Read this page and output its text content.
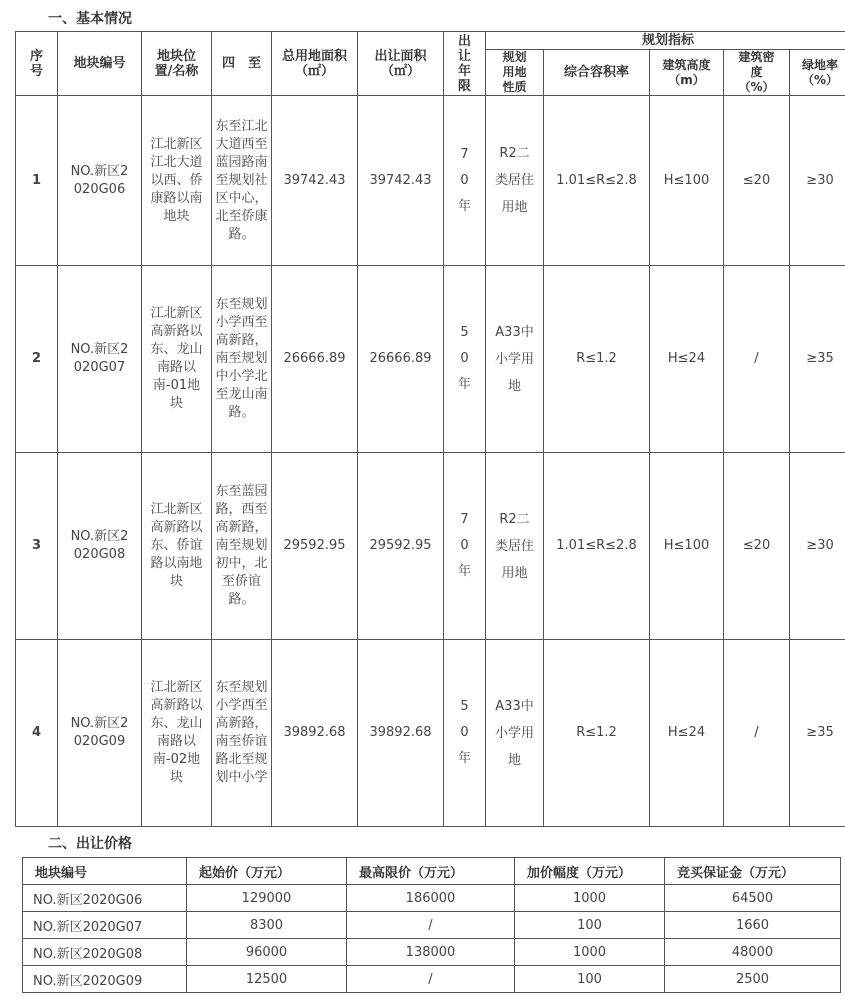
一、基本情况
序号	地块编号	地块位置/名称	四　至	总用地面积（㎡）	出让面积（㎡）	出让年限	规划指标				
							规划用地性质	综合容积率	建筑高度（m）	建筑密度（%）	绿地率（%）
1	NO.新区2020G06	江北新区江北大道以西、侨康路以南地块	东至江北大道西至蓝园路南至规划社区中心，北至侨康路。	39742.43	39742.43	70年	R2二类居住用地	1.01≤R≤2.8	H≤100	≤20	≥30
2	NO.新区2020G07	江北新区高新路以东、龙山南路以南-01地块	东至规划小学西至高新路，南至规划中小学北至龙山南路。	26666.89	26666.89	50年	A33中小学用地	R≤1.2	H≤24	/	≥35
3	NO.新区2020G08	江北新区高新路以东、侨谊路以南地块	东至蓝园路，西至高新路，南至规划初中，北至侨谊路。	29592.95	29592.95	70年	R2二类居住用地	1.01≤R≤2.8	H≤100	≤20	≥30
4	NO.新区2020G09	江北新区高新路以东、龙山南路以南-02地块	东至规划小学西至高新路，南至侨谊路北至规划中小学	39892.68	39892.68	50年	A33中小学用地	R≤1.2	H≤24	/	≥35
二、出让价格
地块编号	起始价（万元）	最高限价（万元）	加价幅度（万元）	竞买保证金（万元）
NO.新区2020G06	129000	186000	1000	64500
NO.新区2020G07	8300	/	100	1660
NO.新区2020G08	96000	138000	1000	48000
NO.新区2020G09	12500	/	100	2500
